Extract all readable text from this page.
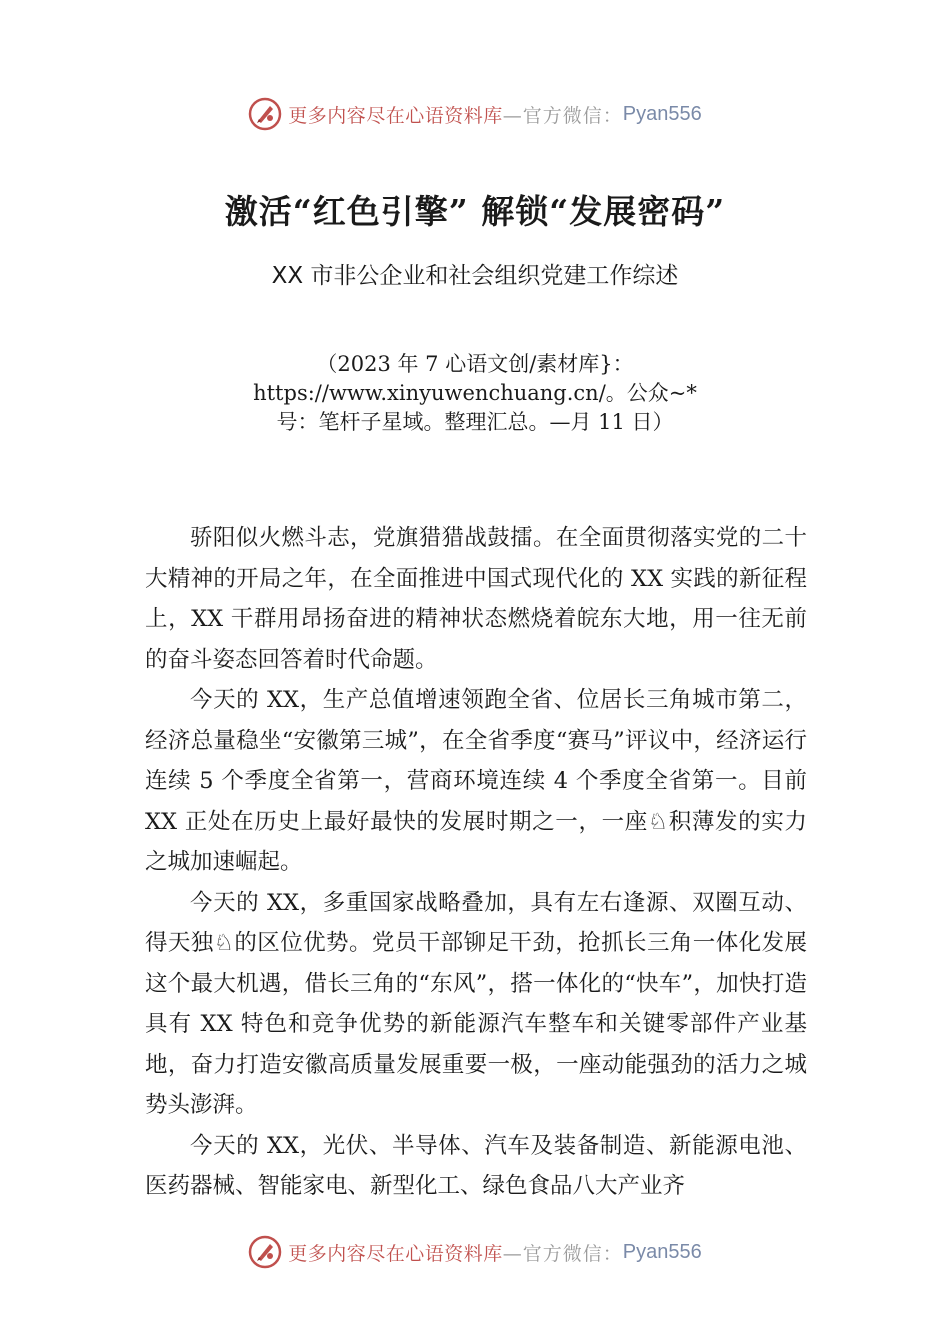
更多内容尽在心语资料库 —官方微信： Pyan556
激活“红色引擎” 解锁“发展密码”

XX 市非公企业和社会组织党建工作综述

（2023 年 7 心语文创/素材库}：https://www.xinyuwenchuang.cn/。公众~*号：笔杆子星域。整理汇总。—月 11 日）

骄阳似火燃斗志，党旗猎猎战鼓擂。在全面贯彻落实党的二十大精神的开局之年，在全面推进中国式现代化的 XX 实践的新征程上，XX 干群用昂扬奋进的精神状态燃烧着皖东大地，用一往无前的奋斗姿态回答着时代命题。

今天的 XX，生产总值增速领跑全省、位居长三角城市第二，经济总量稳坐“安徽第三城”，在全省季度“赛马”评议中，经济运行连续 5 个季度全省第一，营商环境连续 4 个季度全省第一。目前 XX 正处在历史上最好最快的发展时期之一，一座♘积薄发的实力之城加速崛起。

今天的 XX，多重国家战略叠加，具有左右逢源、双圈互动、得天独♘的区位优势。党员干部铆足干劲，抢抓长三角一体化发展这个最大机遇，借长三角的“东风”，搭一体化的“快车”，加快打造具有 XX 特色和竞争优势的新能源汽车整车和关键零部件产业基地，奋力打造安徽高质量发展重要一极，一座动能强劲的活力之城势头澎湃。

今天的 XX，光伏、半导体、汽车及装备制造、新能源电池、医药器械、智能家电、新型化工、绿色食品八大产业齐

更多内容尽在心语资料库 —官方微信： Pyan556
